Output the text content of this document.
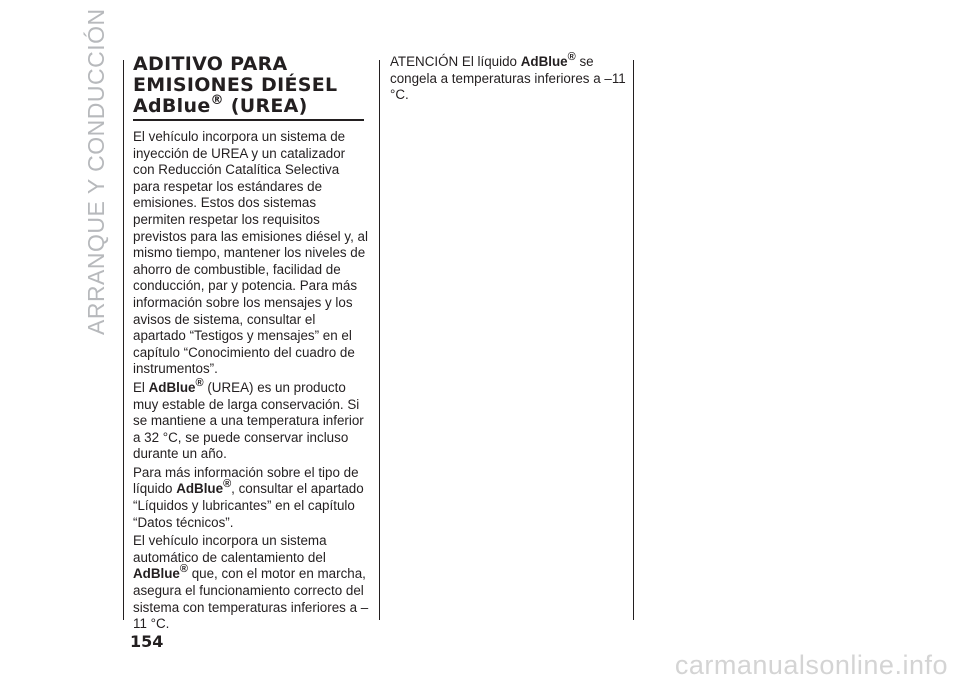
ARRANQUE Y CONDUCCIÓN ADITIVO PARA
EMISIONES DIÉSEL
AdBlue® (UREA)

El vehículo incorpora un sistema de inyección de UREA y un catalizador con Reducción Catalítica Selectiva para respetar los estándares de emisiones. Estos dos sistemas permiten respetar los requisitos previstos para las emisiones diésel y, al mismo tiempo, mantener los niveles de ahorro de combustible, facilidad de conducción, par y potencia. Para más información sobre los mensajes y los avisos de sistema, consultar el apartado “Testigos y mensajes” en el capítulo “Conocimiento del cuadro de instrumentos”.

El AdBlue® (UREA) es un producto muy estable de larga conservación. Si se mantiene a una temperatura inferior a 32 °C, se puede conservar incluso durante un año.

Para más información sobre el tipo de líquido AdBlue®, consultar el apartado “Líquidos y lubricantes” en el capítulo “Datos técnicos”.

El vehículo incorpora un sistema automático de calentamiento del AdBlue® que, con el motor en marcha, asegura el funcionamiento correcto del sistema con temperaturas inferiores a –11 °C.

ATENCIÓN El líquido AdBlue® se congela a temperaturas inferiores a –11 °C.

154
carmanualsonline.info
